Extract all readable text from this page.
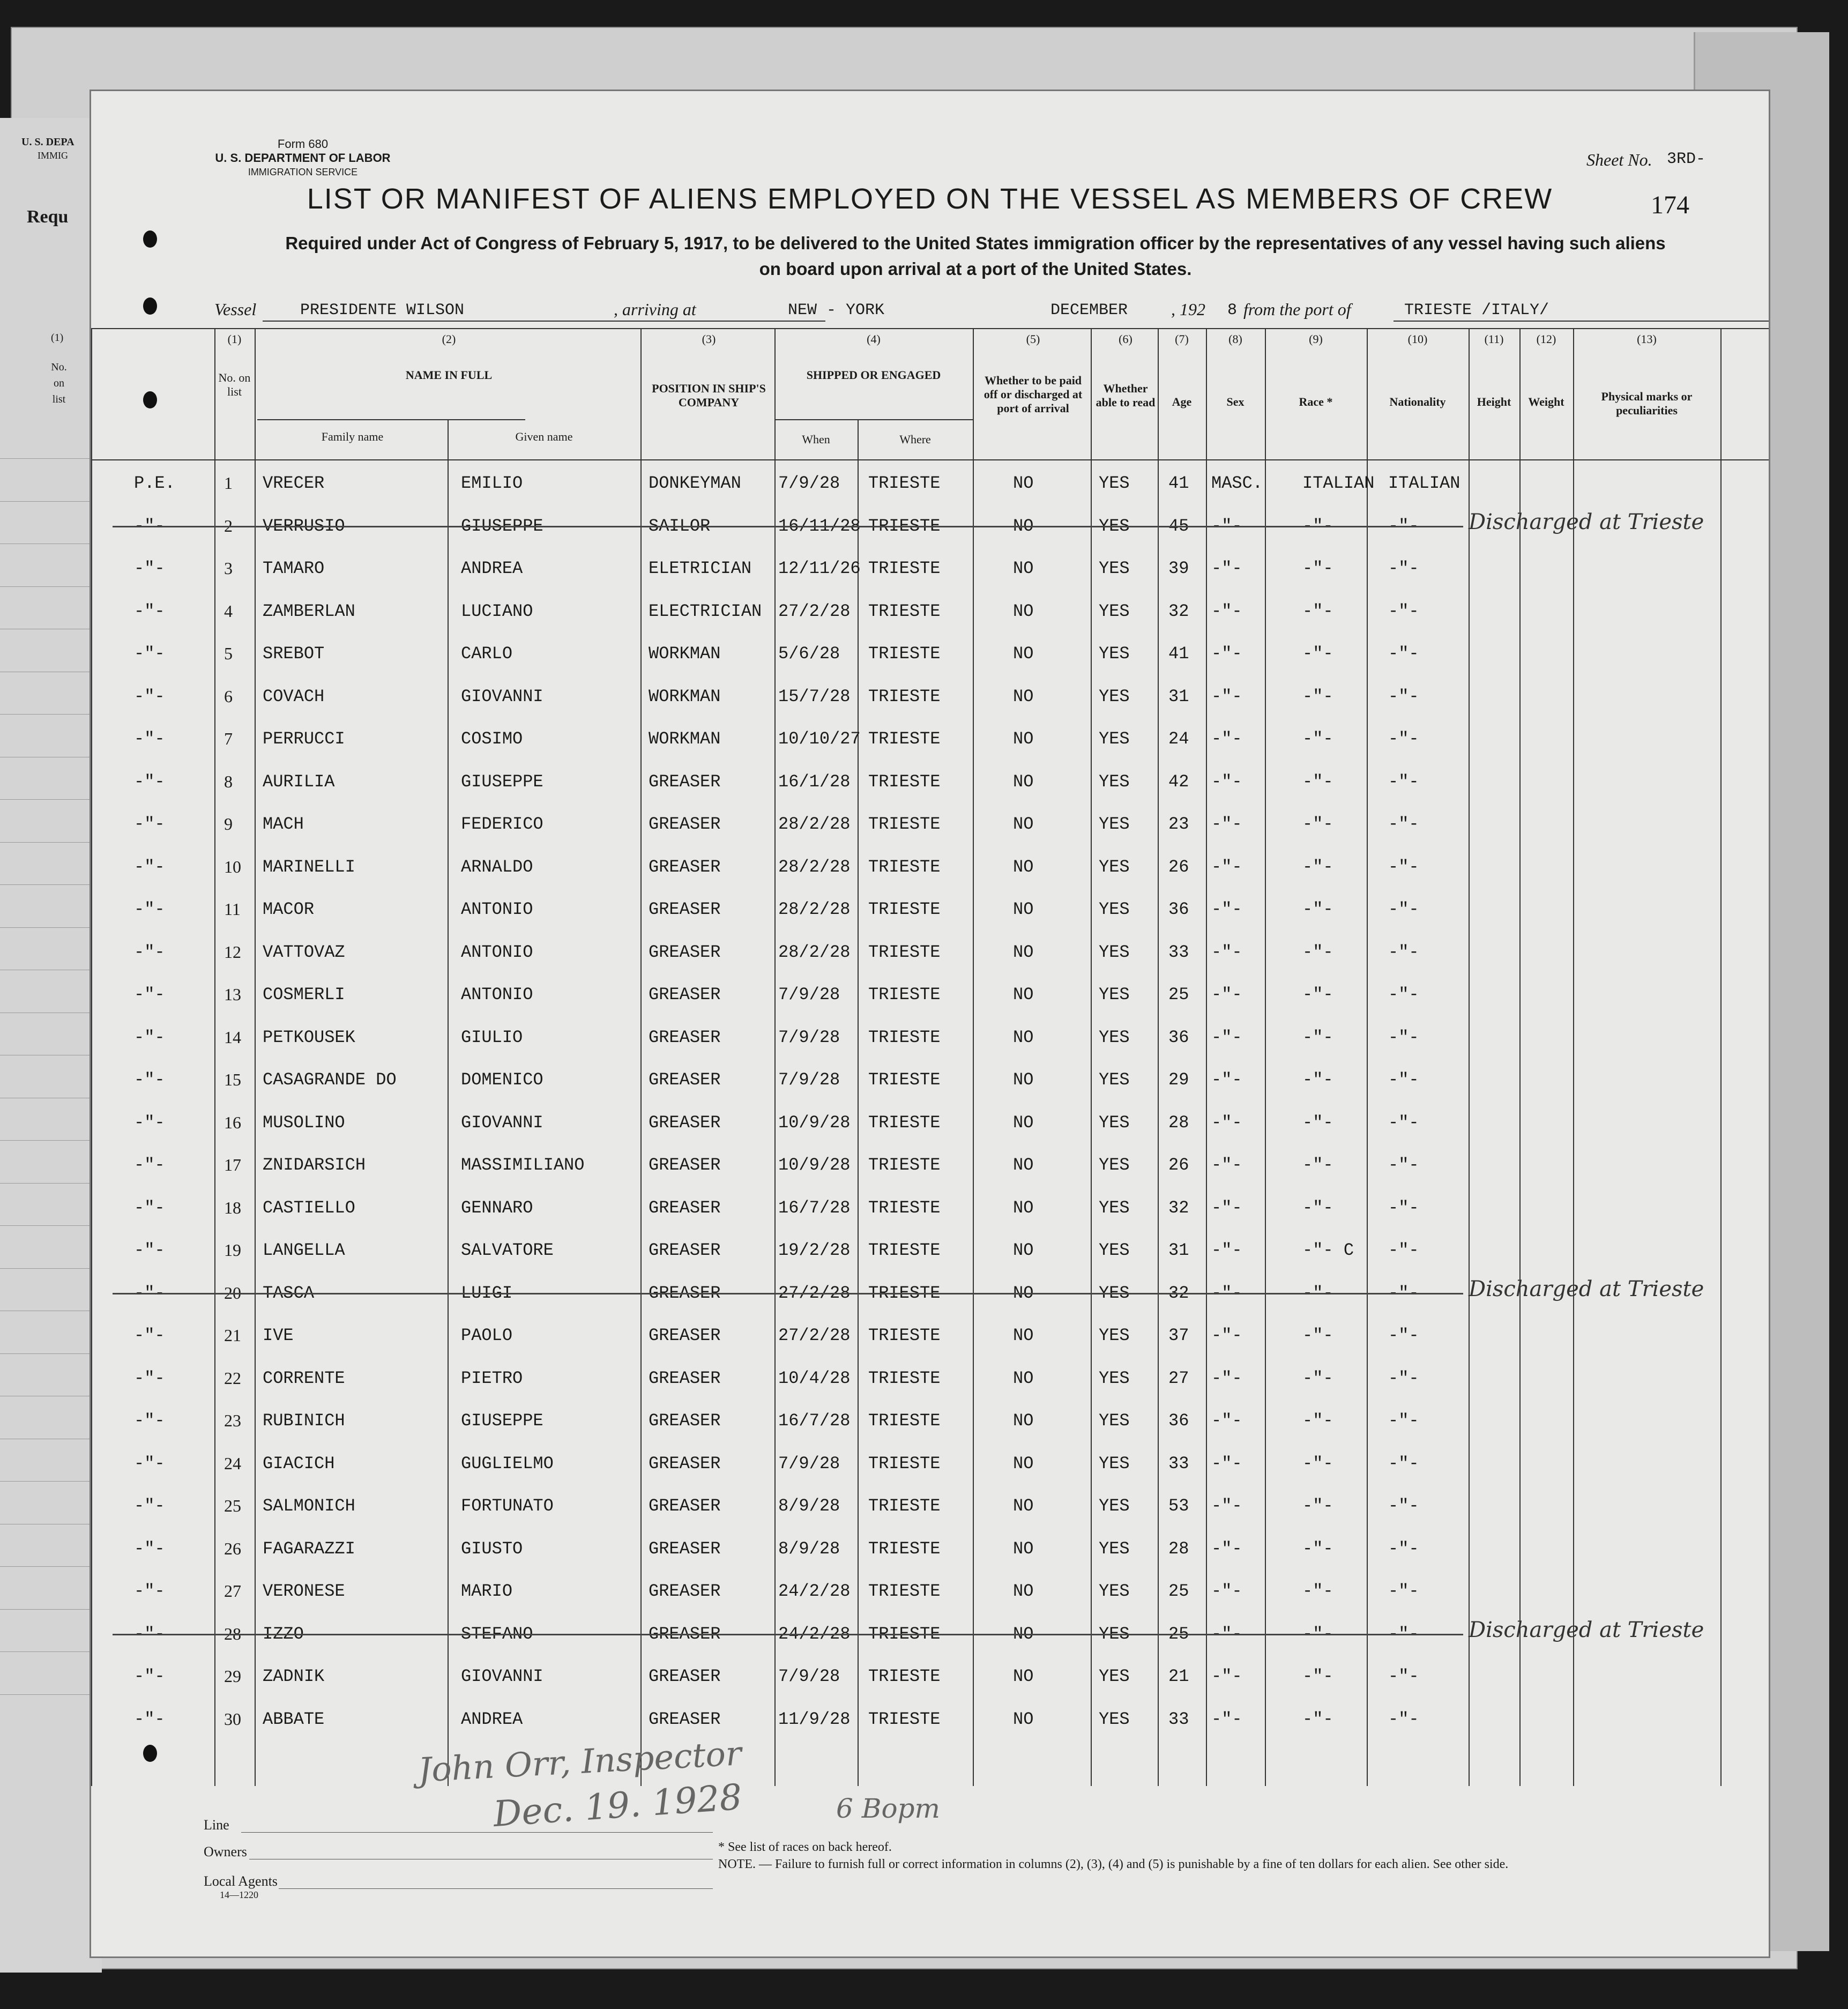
U. S. DEPA
IMMIG
Requ
(1)
No. on list
Form 680
U. S. DEPARTMENT OF LABOR
IMMIGRATION SERVICE
Sheet No. 3RD-
174
LIST OR MANIFEST OF ALIENS EMPLOYED ON THE VESSEL AS MEMBERS OF CREW
Required under Act of Congress of February 5, 1917, to be delivered to the United States immigration officer by the representatives of any vessel having such aliens
on board upon arrival at a port of the United States.
Vessel	PRESIDENTE WILSON	, arriving at	NEW - YORK	DECEMBER	, 192 8 from the port of	TRIESTE /ITALY/
(1)
No. on list
(2)
NAME IN FULL
Family name	Given name
(3)
POSITION IN SHIP'S COMPANY
(4)
SHIPPED OR ENGAGED
When	Where
(5)
Whether to be paid off or discharged at port of arrival
(6)
Whether able to read
(7)
Age
(8)
Sex
(9)
Race *
(10)
Nationality
(11)
Height
(12)
Weight
(13)
Physical marks or peculiarities
P.E.	1 VRECER	EMILIO	DONKEYMAN 7/9/28 TRIESTE	NO	YES 41 MASC. ITALIAN ITALIAN
-"-	2 VERRUSIO	GIUSEPPE	SAILOR	16/11/28 TRIESTE	NO	YES 45 -"-	-"-	-"- Discharged at Trieste
-"-	3 TAMARO	ANDREA	ELETRICIAN 12/11/26 TRIESTE	NO	YES 39 -"-	-"-	-"-
-"-	4 ZAMBERLAN	LUCIANO	ELECTRICIAN 27/2/28 TRIESTE	NO	YES 32 -"-	-"-	-"-
-"-	5 SREBOT	CARLO	WORKMAN	5/6/28 TRIESTE	NO	YES 41 -"-	-"-	-"-
-"-	6 COVACH	GIOVANNI	WORKMAN	15/7/28 TRIESTE	NO	YES 31 -"-	-"-	-"-
-"-	7 PERRUCCI	COSIMO	WORKMAN	10/10/27 TRIESTE	NO	YES 24 -"-	-"-	-"-
-"-	8 AURILIA	GIUSEPPE	GREASER	16/1/28 TRIESTE	NO	YES 42 -"-	-"-	-"-
-"-	9 MACH	FEDERICO	GREASER	28/2/28 TRIESTE	NO	YES 23 -"-	-"-	-"-
-"-	10 MARINELLI	ARNALDO	GREASER	28/2/28 TRIESTE	NO	YES 26 -"-	-"-	-"-
-"-	11 MACOR	ANTONIO	GREASER	28/2/28 TRIESTE	NO	YES 36 -"-	-"-	-"-
-"-	12 VATTOVAZ	ANTONIO	GREASER	28/2/28 TRIESTE	NO	YES 33 -"-	-"-	-"-
-"-	13 COSMERLI	ANTONIO	GREASER	7/9/28 TRIESTE	NO	YES 25 -"-	-"-	-"-
-"-	14 PETKOUSEK	GIULIO	GREASER	7/9/28 TRIESTE	NO	YES 36 -"-	-"-	-"-
-"-	15 CASAGRANDE DO	DOMENICO	GREASER	7/9/28 TRIESTE	NO	YES 29 -"-	-"-	-"-
-"-	16 MUSOLINO	GIOVANNI	GREASER	10/9/28 TRIESTE	NO	YES 28 -"-	-"-	-"-
-"-	17 ZNIDARSICH	MASSIMILIANO	GREASER	10/9/28 TRIESTE	NO	YES 26 -"-	-"-	-"-
-"-	18 CASTIELLO	GENNARO	GREASER	16/7/28 TRIESTE	NO	YES 32 -"-	-"-	-"-
-"-	19 LANGELLA	SALVATORE	GREASER	19/2/28 TRIESTE	NO	YES 31 -"-	-"- C -"-
-"-	20 TASCA	LUIGI	GREASER	27/2/28 TRIESTE	NO	YES 32 -"-	-"-	-"- Discharged at Trieste
-"-	21 IVE	PAOLO	GREASER	27/2/28 TRIESTE	NO	YES 37 -"-	-"-	-"-
-"-	22 CORRENTE	PIETRO	GREASER	10/4/28 TRIESTE	NO	YES 27 -"-	-"-	-"-
-"-	23 RUBINICH	GIUSEPPE	GREASER	16/7/28 TRIESTE	NO	YES 36 -"-	-"-	-"-
-"-	24 GIACICH	GUGLIELMO	GREASER	7/9/28 TRIESTE	NO	YES 33 -"-	-"-	-"-
-"-	25 SALMONICH	FORTUNATO	GREASER	8/9/28 TRIESTE	NO	YES 53 -"-	-"-	-"-
-"-	26 FAGARAZZI	GIUSTO	GREASER	8/9/28 TRIESTE	NO	YES 28 -"-	-"-	-"-
-"-	27 VERONESE	MARIO	GREASER	24/2/28 TRIESTE	NO	YES 25 -"-	-"-	-"-
-"-	28 IZZO	STEFANO	GREASER	24/2/28 TRIESTE	NO	YES 25 -"-	-"-	-"- Discharged at Trieste
-"-	29 ZADNIK	GIOVANNI	GREASER	7/9/28 TRIESTE	NO	YES 21 -"-	-"-	-"-
-"-	30 ABBATE	ANDREA	GREASER	11/9/28 TRIESTE	NO	YES 33 -"-	-"-	-"-
Line
Owners
Local Agents
14—1220
* See list of races on back hereof.
NOTE. — Failure to furnish full or correct information in columns (2), (3), (4) and (5) is punishable by a fine of ten dollars for each alien. See other side.
John Orr, Inspector
Dec. 19. 1928	6 Bopm
